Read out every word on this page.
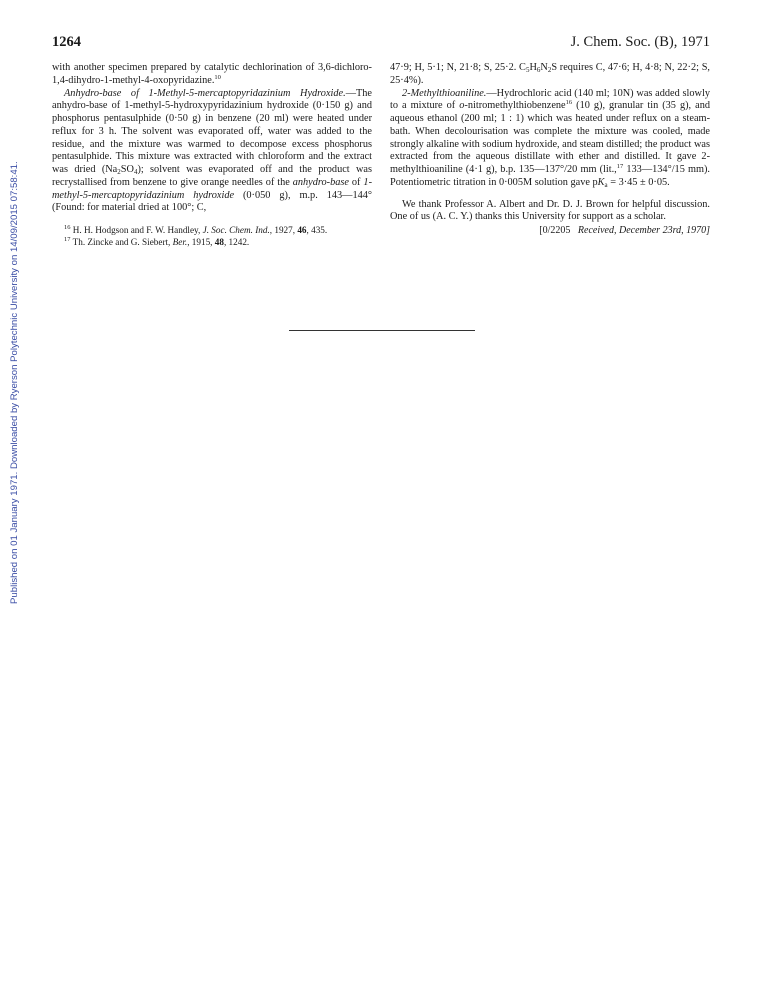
1264	J. Chem. Soc. (B), 1971
Published on 01 January 1971. Downloaded by Ryerson Polytechnic University on 14/09/2015 07:58:41.

with another specimen prepared by catalytic dechlorination of 3,6-dichloro-1,4-dihydro-1-methyl-4-oxopyridazine.$^{10}$

Anhydro-base of 1-Methyl-5-mercaptopyridazinium Hydroxide.—The anhydro-base of 1-methyl-5-hydroxypyridazinium hydroxide (0·150 g) and phosphorus pentasulphide (0·50 g) in benzene (20 ml) were heated under reflux for 3 h. The solvent was evaporated off, water was added to the residue, and the mixture was warmed to decompose excess phosphorus pentasulphide. This mixture was extracted with chloroform and the extract was dried $(Na_2SO_4)$; solvent was evaporated off and the product was recrystallised from benzene to give orange needles of the anhydro-base of 1-methyl-5-mercaptopyridazinium hydroxide (0·050 g), m.p. 143—144° (Found: for material dried at 100°; C,

$^{16}$ H. H. Hodgson and F. W. Handley, J. Soc. Chem. Ind., 1927, 46, 435.

$^{17}$ Th. Zincke and G. Siebert, Ber., 1915, 48, 1242.

47·9; H, 5·1; N, 21·8; S, 25·2. $C_5H_6N_2S$ requires C, 47·6; H, 4·8; N, 22·2; S, 25·4%).

2-Methylthioaniline.—Hydrochloric acid (140 ml; 10N) was added slowly to a mixture of o-nitromethylthiobenzene$^{16}$ (10 g), granular tin (35 g), and aqueous ethanol (200 ml; 1 : 1) which was heated under reflux on a steam-bath. When decolourisation was complete the mixture was cooled, made strongly alkaline with sodium hydroxide, and steam distilled; the product was extracted from the aqueous distillate with ether and distilled. It gave 2-methylthioaniline (4·1 g), b.p. 135—137°/20 mm (lit.,$^{17}$ 133—134°/15 mm). Potentiometric titration in 0·005M solution gave $pK_a = 3\cdot 45 \pm 0\cdot 05$.

We thank Professor A. Albert and Dr. D. J. Brown for helpful discussion. One of us (A. C. Y.) thanks this University for support as a scholar.

[0/2205 Received, December 23rd, 1970]
